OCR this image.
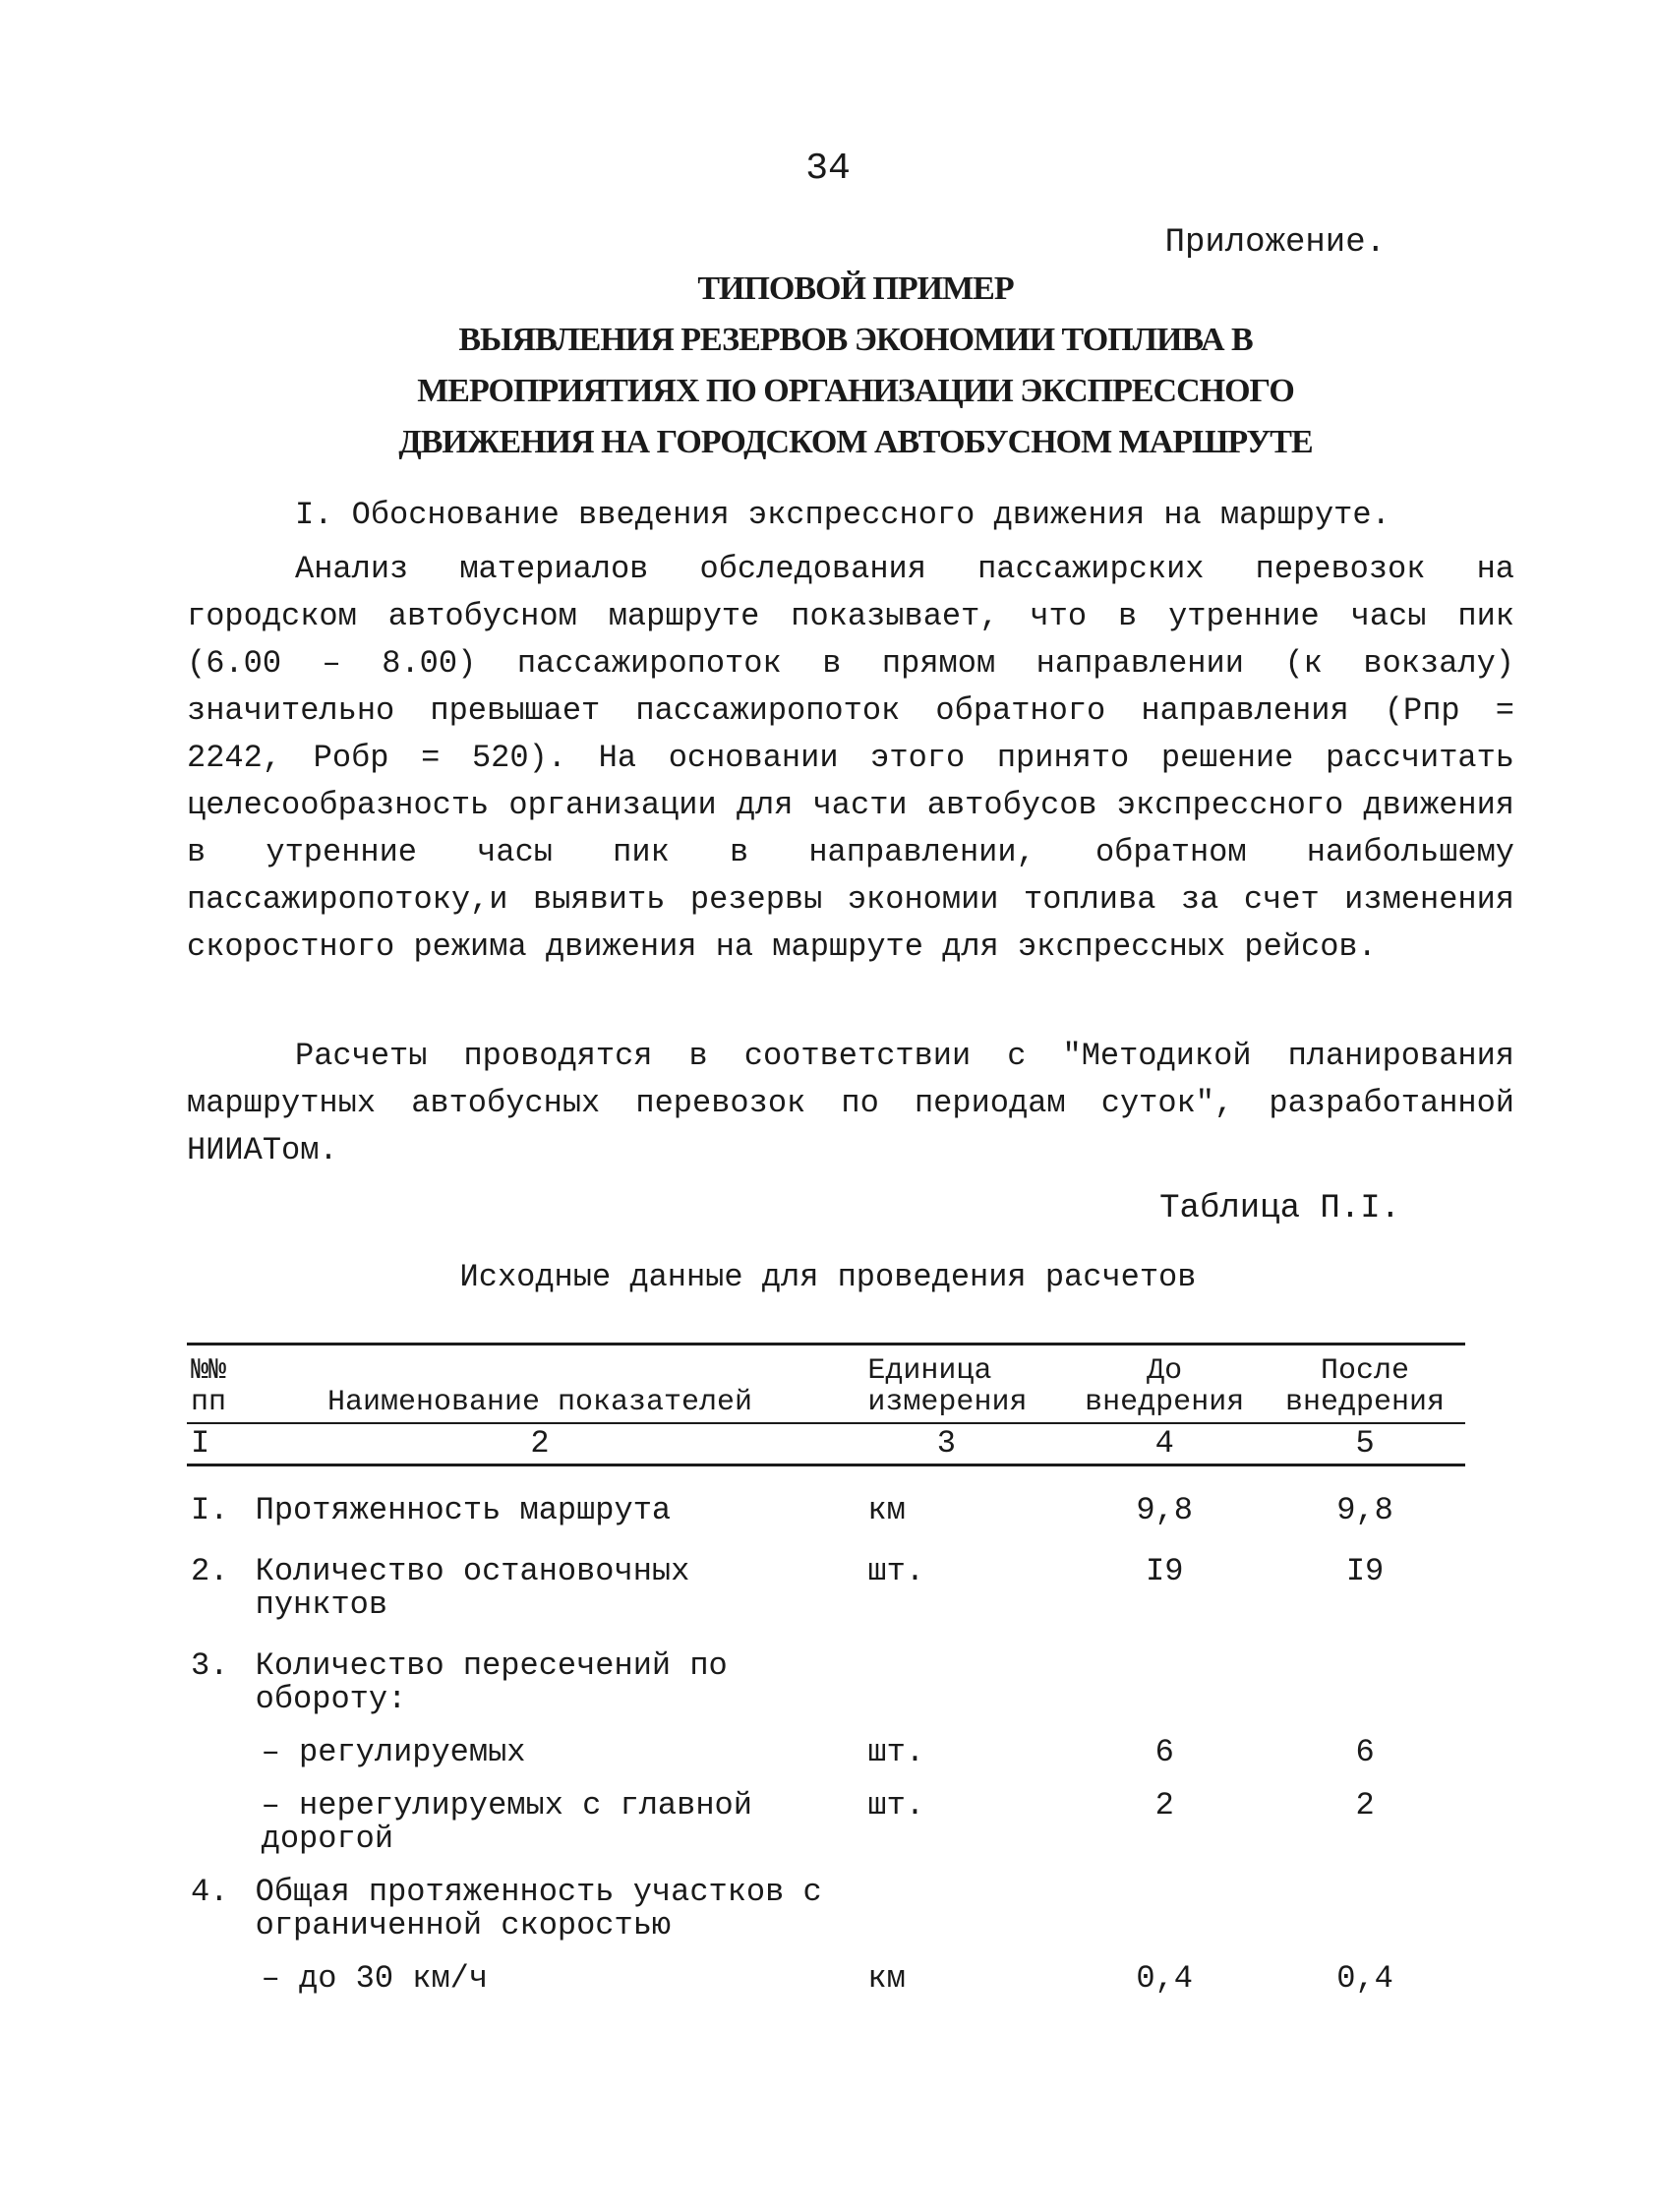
34
Приложение.
ТИПОВОЙ ПРИМЕР
ВЫЯВЛЕНИЯ РЕЗЕРВОВ ЭКОНОМИИ ТОПЛИВА В
МЕРОПРИЯТИЯХ ПО ОРГАНИЗАЦИИ ЭКСПРЕССНОГО
ДВИЖЕНИЯ НА ГОРОДСКОМ АВТОБУСНОМ МАРШРУТЕ
I. Обоснование введения экспрессного движения на маршруте.

Анализ материалов обследования пассажирских перевозок на городском автобусном маршруте показывает, что в утренние часы пик (6.00 – 8.00) пассажиропоток в прямом направлении (к вокзалу) значительно превышает пассажиропоток обратного направления (Pпр = 2242, Pобр = 520). На основании этого принято решение рассчитать целесообразность организации для части автобусов экспрессного движения в утренние часы пик в направлении, обратном наибольшему пассажиропотоку,и выявить резервы экономии топлива за счет изменения скоростного режима движения на маршруте для экспрессных рейсов.

Расчеты проводятся в соответствии с "Методикой планирования маршрутных автобусных перевозок по периодам суток", разработанной НИИАТом.

Таблица П.I.
Исходные данные для проведения расчетов
№№ пп	Наименование показателей	Единица измерения	До внедрения	После внедрения
I	2	3	4	5
I.	Протяженность маршрута	км	9,8	9,8
2.	Количество остановочных пунктов	шт.	I9	I9
3.	Количество пересечений по обороту:			
	– регулируемых	шт.	6	6
	– нерегулируемых с главной дорогой	шт.	2	2
4.	Общая протяженность участков с ограниченной скоростью			
	– до 30 км/ч	км	0,4	0,4
